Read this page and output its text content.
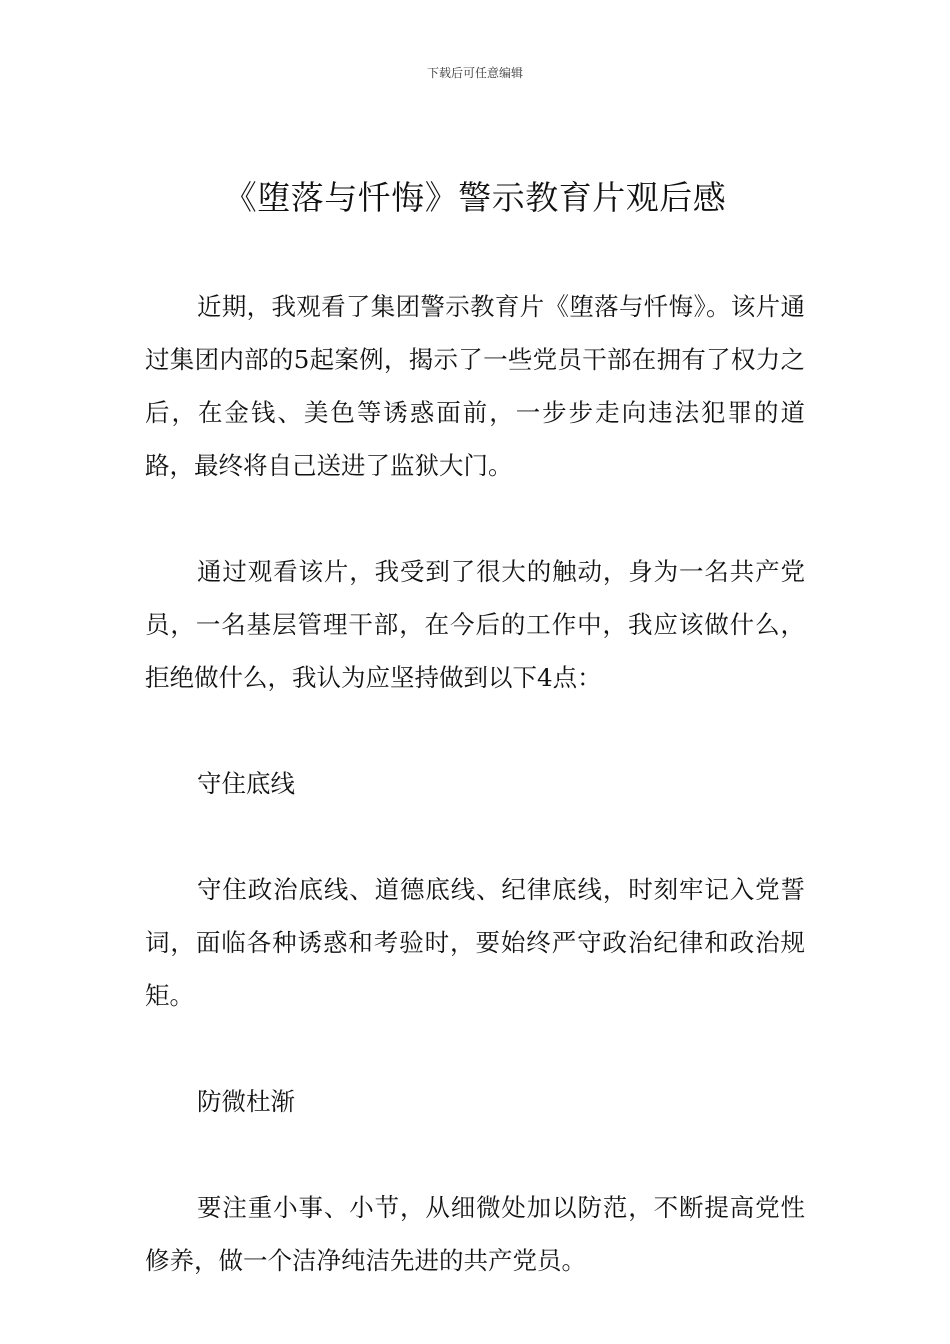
下载后可任意编辑
《堕落与忏悔》警示教育片观后感

近期，我观看了集团警示教育片《堕落与忏悔》。该片通过集团内部的5起案例，揭示了一些党员干部在拥有了权力之后，在金钱、美色等诱惑面前，一步步走向违法犯罪的道路，最终将自己送进了监狱大门。

通过观看该片，我受到了很大的触动，身为一名共产党员，一名基层管理干部，在今后的工作中，我应该做什么，拒绝做什么，我认为应坚持做到以下4点：

守住底线

守住政治底线、道德底线、纪律底线，时刻牢记入党誓词，面临各种诱惑和考验时，要始终严守政治纪律和政治规矩。

防微杜渐

要注重小事、小节，从细微处加以防范，不断提高党性修养，做一个洁净纯洁先进的共产党员。
